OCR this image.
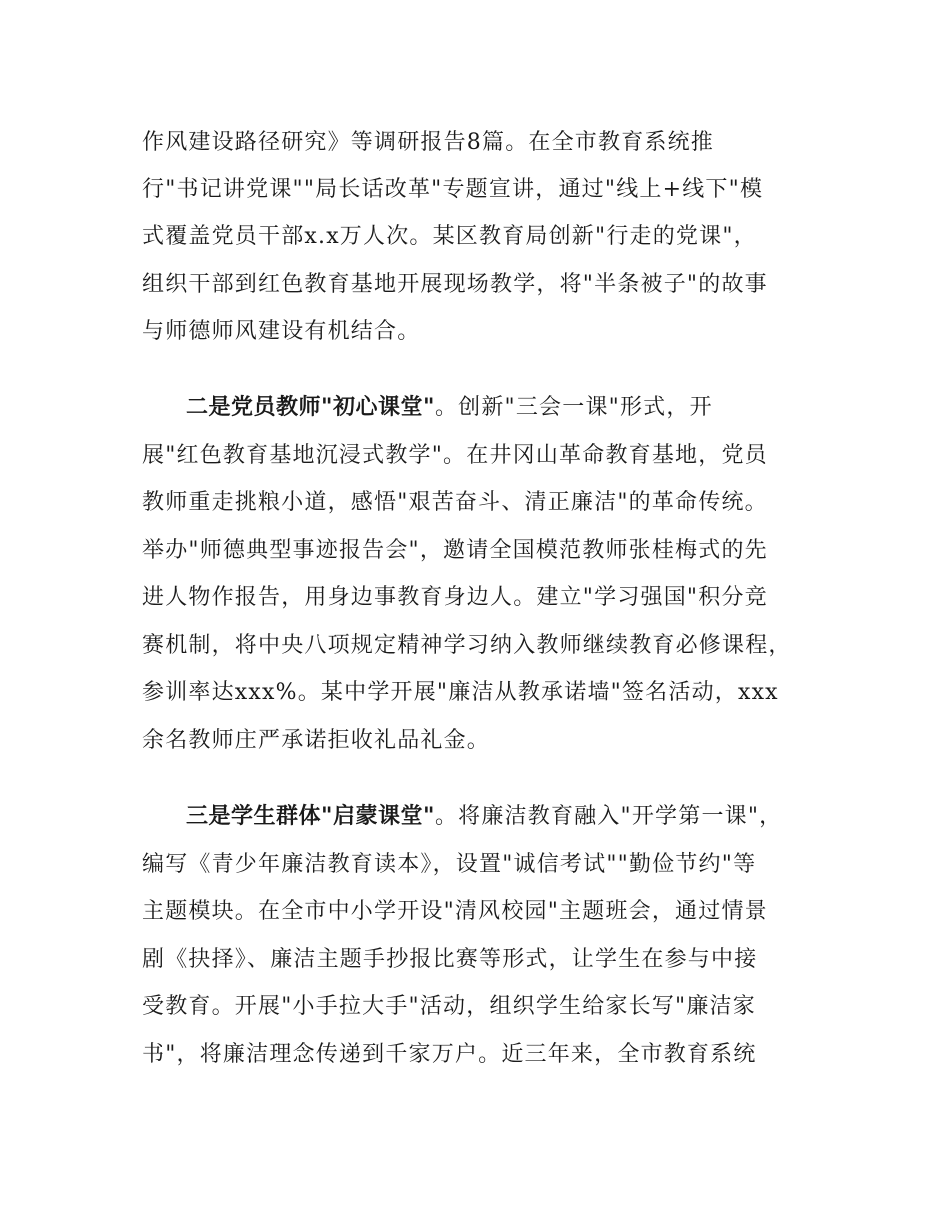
作风建设路径研究》等调研报告8篇。在全市教育系统推
行"书记讲党课""局长话改革"专题宣讲，通过"线上+线下"模
式覆盖党员干部x.x万人次。某区教育局创新"行走的党课"，
组织干部到红色教育基地开展现场教学，将"半条被子"的故事
与师德师风建设有机结合。
二是党员教师"初心课堂"。创新"三会一课"形式，开
展"红色教育基地沉浸式教学"。在井冈山革命教育基地，党员
教师重走挑粮小道，感悟"艰苦奋斗、清正廉洁"的革命传统。
举办"师德典型事迹报告会"，邀请全国模范教师张桂梅式的先
进人物作报告，用身边事教育身边人。建立"学习强国"积分竞
赛机制，将中央八项规定精神学习纳入教师继续教育必修课程，
参训率达xxx%。某中学开展"廉洁从教承诺墙"签名活动，xxx
余名教师庄严承诺拒收礼品礼金。
三是学生群体"启蒙课堂"。将廉洁教育融入"开学第一课"，
编写《青少年廉洁教育读本》，设置"诚信考试""勤俭节约"等
主题模块。在全市中小学开设"清风校园"主题班会，通过情景
剧《抉择》、廉洁主题手抄报比赛等形式，让学生在参与中接
受教育。开展"小手拉大手"活动，组织学生给家长写"廉洁家
书"，将廉洁理念传递到千家万户。近三年来，全市教育系统
